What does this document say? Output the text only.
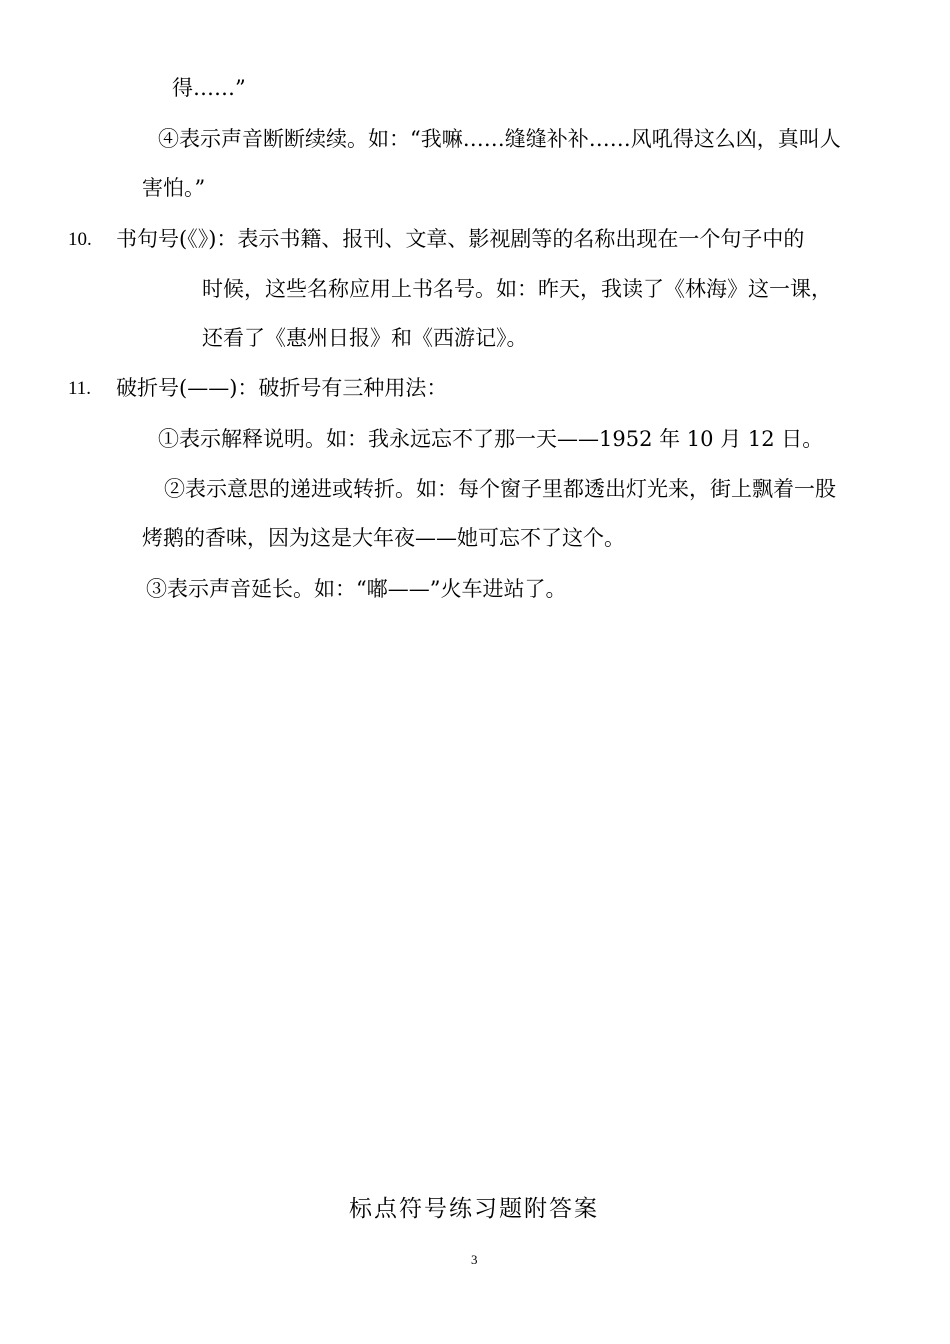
得……”

④表示声音断断续续。如：“我嘛……缝缝补补……风吼得这么凶，真叫人

害怕。”

10. 书句号(《》)：表示书籍、报刊、文章、影视剧等的名称出现在一个句子中的

时候，这些名称应用上书名号。如：昨天，我读了《林海》这一课，

还看了《惠州日报》和《西游记》。

11. 破折号(——)：破折号有三种用法：

①表示解释说明。如：我永远忘不了那一天——1952 年 10 月 12 日。

②表示意思的递进或转折。如：每个窗子里都透出灯光来，街上飘着一股

烤鹅的香味，因为这是大年夜——她可忘不了这个。

③表示声音延长。如：“嘟——”火车进站了。

标点符号练习题附答案
3
